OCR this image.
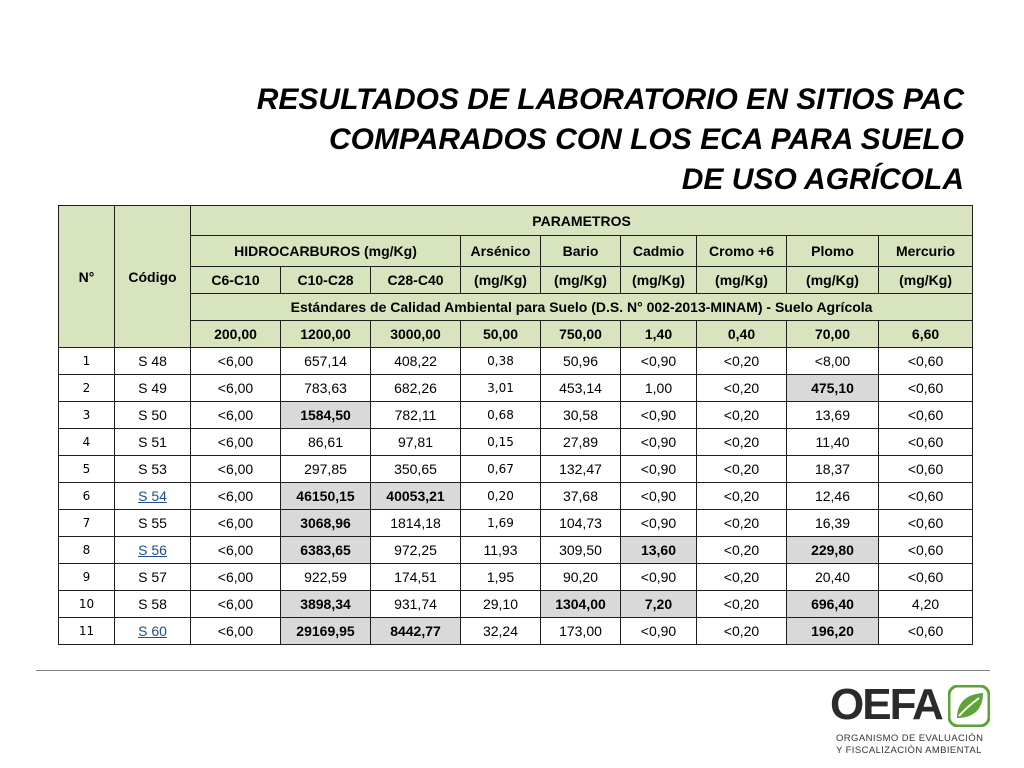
RESULTADOS DE LABORATORIO EN SITIOS PAC
COMPARADOS CON LOS ECA PARA SUELO
DE USO AGRÍCOLA
N°	Código	PARAMETROS								
		HIDROCARBUROS (mg/Kg)			Arsénico	Bario	Cadmio	Cromo +6	Plomo	Mercurio
		C6-C10	C10-C28	C28-C40	(mg/Kg)	(mg/Kg)	(mg/Kg)	(mg/Kg)	(mg/Kg)	(mg/Kg)
		Estándares de Calidad Ambiental para Suelo (D.S. N° 002-2013-MINAM) - Suelo Agrícola								
		200,00	1200,00	3000,00	50,00	750,00	1,40	0,40	70,00	6,60
1	S 48	<6,00	657,14	408,22	0,38	50,96	<0,90	<0,20	<8,00	<0,60
2	S 49	<6,00	783,63	682,26	3,01	453,14	1,00	<0,20	475,10	<0,60
3	S 50	<6,00	1584,50	782,11	0,68	30,58	<0,90	<0,20	13,69	<0,60
4	S 51	<6,00	86,61	97,81	0,15	27,89	<0,90	<0,20	11,40	<0,60
5	S 53	<6,00	297,85	350,65	0,67	132,47	<0,90	<0,20	18,37	<0,60
6	S 54	<6,00	46150,15	40053,21	0,20	37,68	<0,90	<0,20	12,46	<0,60
7	S 55	<6,00	3068,96	1814,18	1,69	104,73	<0,90	<0,20	16,39	<0,60
8	S 56	<6,00	6383,65	972,25	11,93	309,50	13,60	<0,20	229,80	<0,60
9	S 57	<6,00	922,59	174,51	1,95	90,20	<0,90	<0,20	20,40	<0,60
10	S 58	<6,00	3898,34	931,74	29,10	1304,00	7,20	<0,20	696,40	4,20
11	S 60	<6,00	29169,95	8442,77	32,24	173,00	<0,90	<0,20	196,20	<0,60
OEFA
ORGANISMO DE EVALUACIÓN
Y FISCALIZACIÓN AMBIENTAL
